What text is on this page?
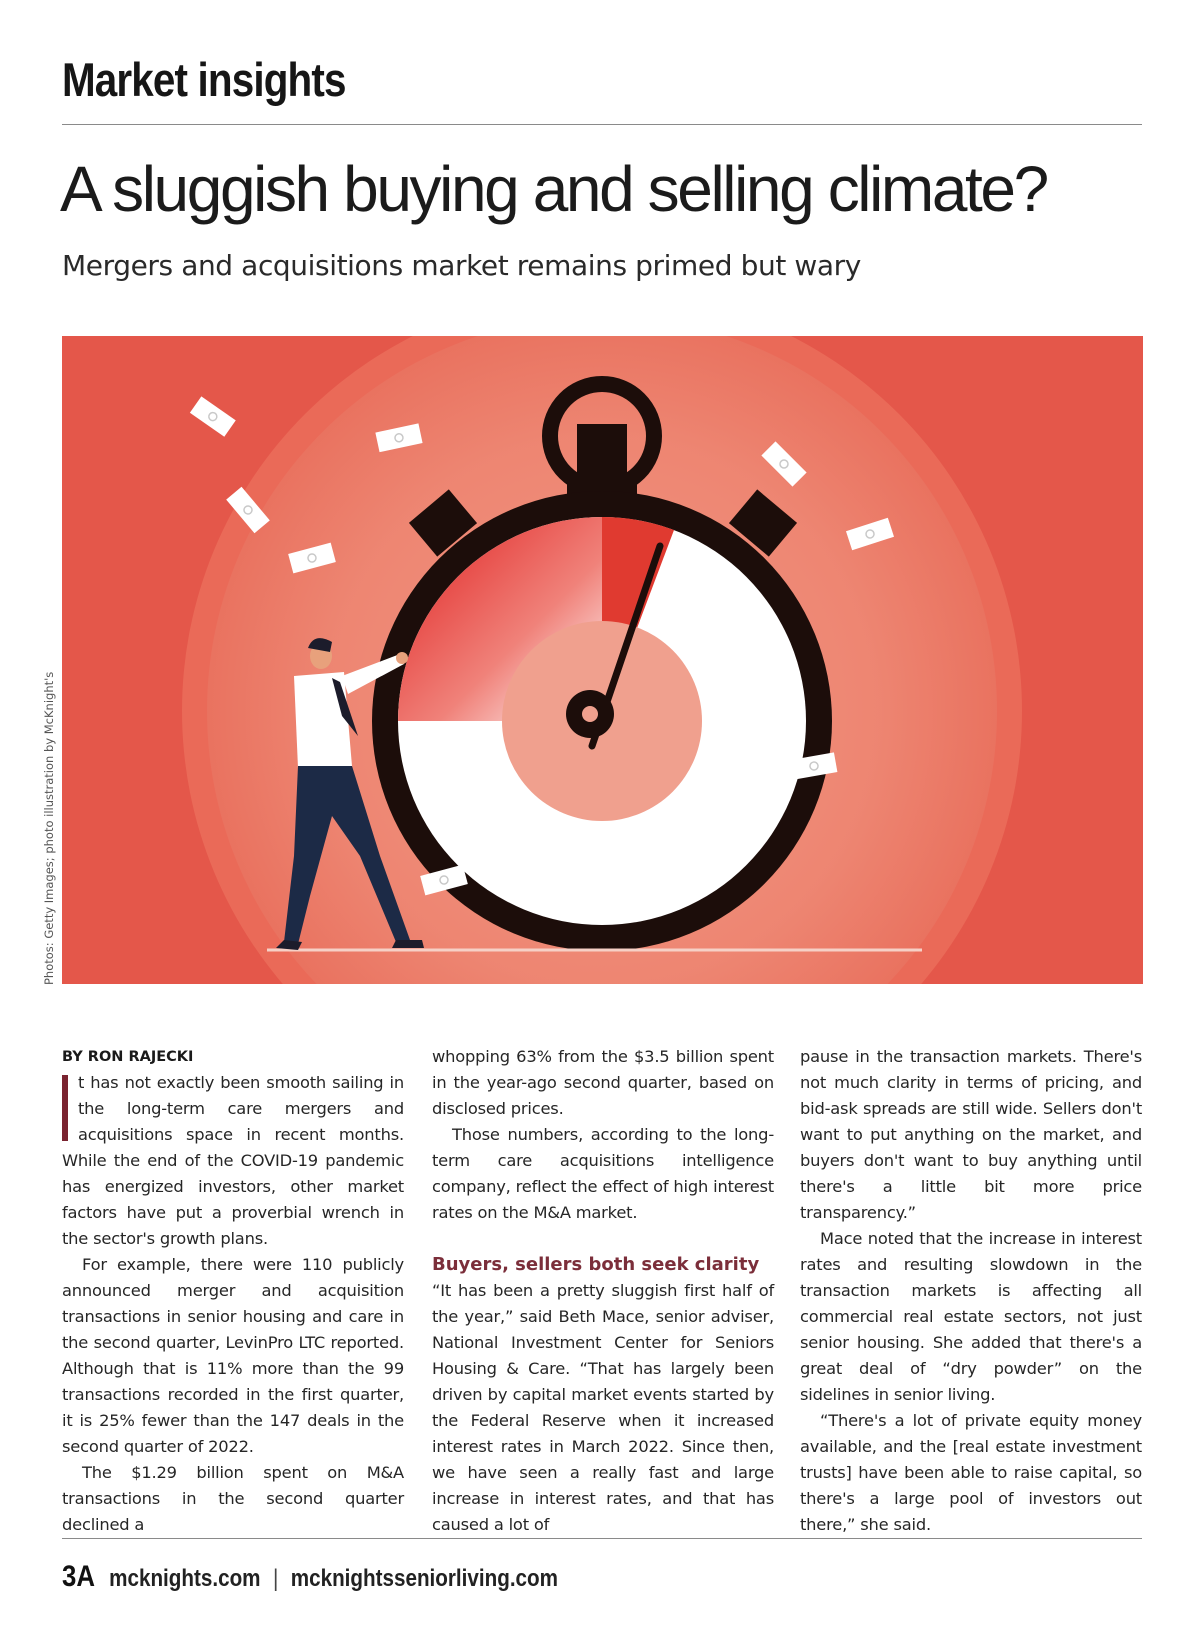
Market insights
A sluggish buying and selling climate?

Mergers and acquisitions market remains primed but wary

Photos: Getty Images; photo illustration by McKnight's

BY RON RAJECKI

t has not exactly been smooth sailing in the long-term care mergers and acquisitions space in recent months. While the end of the COVID-19 pandemic has energized investors, other market factors have put a proverbial wrench in the sector's growth plans.

For example, there were 110 publicly announced merger and acquisition transactions in senior housing and care in the second quarter, LevinPro LTC reported. Although that is 11% more than the 99 transactions recorded in the first quarter, it is 25% fewer than the 147 deals in the second quarter of 2022.

The $1.29 billion spent on M&A transactions in the second quarter declined a

whopping 63% from the $3.5 billion spent in the year-ago second quarter, based on disclosed prices.

Those numbers, according to the long-term care acquisitions intelligence company, reflect the effect of high interest rates on the M&A market.

Buyers, sellers both seek clarity

“It has been a pretty sluggish first half of the year,” said Beth Mace, senior adviser, National Investment Center for Seniors Housing & Care. “That has largely been driven by capital market events started by the Federal Reserve when it increased interest rates in March 2022. Since then, we have seen a really fast and large increase in interest rates, and that has caused a lot of

pause in the transaction markets. There's not much clarity in terms of pricing, and bid-ask spreads are still wide. Sellers don't want to put anything on the market, and buyers don't want to buy anything until there's a little bit more price transparency.”

Mace noted that the increase in interest rates and resulting slowdown in the transaction markets is affecting all commercial real estate sectors, not just senior housing. She added that there's a great deal of “dry powder” on the sidelines in senior living.

“There's a lot of private equity money available, and the [real estate investment trusts] have been able to raise capital, so there's a large pool of investors out there,” she said.

3A mcknights.com | mcknightsseniorliving.com
